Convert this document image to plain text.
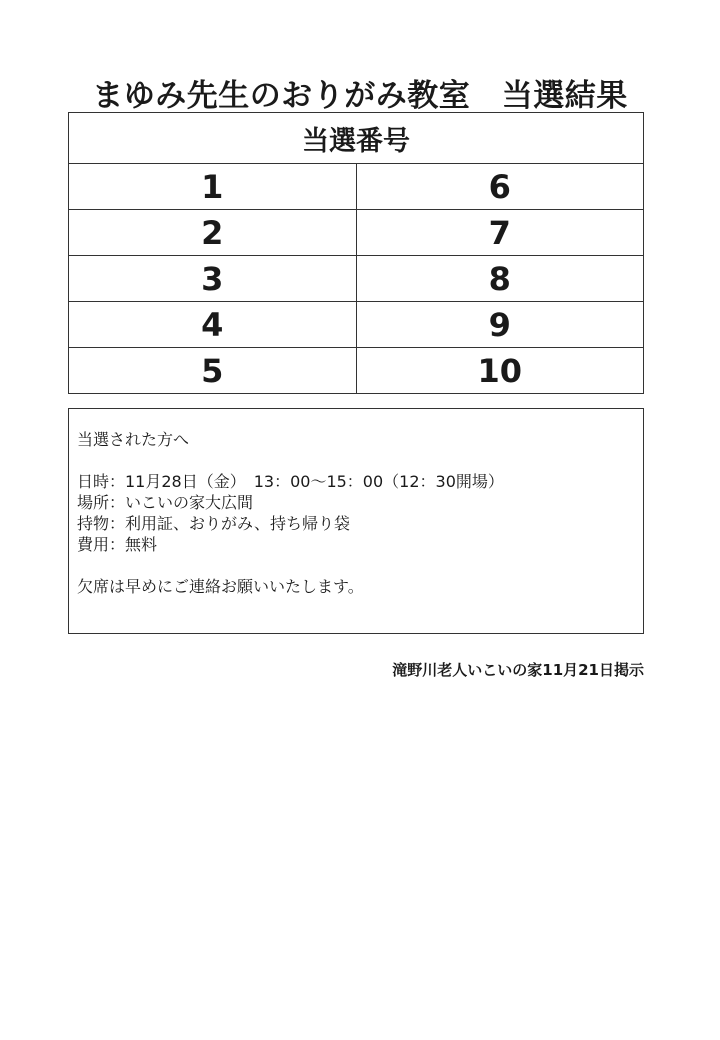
まゆみ先生のおりがみ教室　当選結果
当選番号	
1	6
2	7
3	8
4	9
5	10
当選された方へ
日時：11月28日（金）　13：00～15：00（12：30開場）
場所：いこいの家大広間
持物：利用証、おりがみ、持ち帰り袋
費用：無料
欠席は早めにご連絡お願いいたします。
滝野川老人いこいの家11月21日掲示
